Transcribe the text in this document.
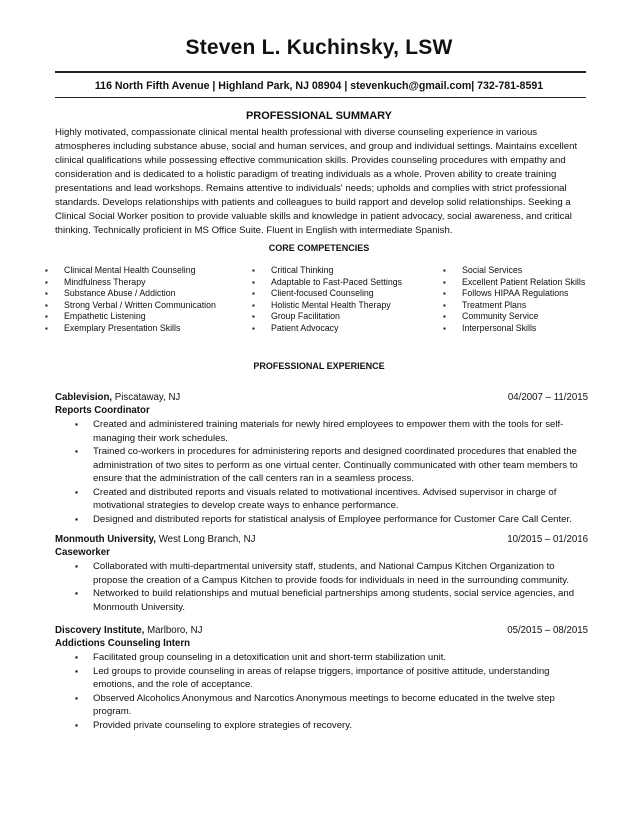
Steven L. Kuchinsky, LSW
116 North Fifth Avenue | Highland Park, NJ 08904 | stevenkuch@gmail.com| 732-781-8591
PROFESSIONAL SUMMARY

Highly motivated, compassionate clinical mental health professional with diverse counseling experience in various atmospheres including substance abuse, social and human services, and group and individual settings. Maintains excellent clinical qualifications while possessing effective communication skills. Provides counseling procedures with empathy and consideration and is dedicated to a holistic paradigm of treating individuals as a whole. Proven ability to create training presentations and lead workshops. Remains attentive to individuals' needs; upholds and complies with strict professional standards. Develops relationships with patients and colleagues to build rapport and develop solid relationships. Seeking a Clinical Social Worker position to provide valuable skills and knowledge in patient advocacy, social awareness, and critical thinking. Technically proficient in MS Office Suite. Fluent in English with intermediate Spanish.

CORE COMPETENCIES
▪ Clinical Mental Health Counseling
▪ Mindfulness Therapy
▪ Substance Abuse / Addiction
▪ Strong Verbal / Written Communication
▪ Empathetic Listening
▪ Exemplary Presentation Skills
▪ Critical Thinking
▪ Adaptable to Fast-Paced Settings
▪ Client-focused Counseling
▪ Holistic Mental Health Therapy
▪ Group Facilitation
▪ Patient Advocacy
▪ Social Services
▪ Excellent Patient Relation Skills
▪ Follows HIPAA Regulations
▪ Treatment Plans
▪ Community Service
▪ Interpersonal Skills
PROFESSIONAL EXPERIENCE
Cablevision, Piscataway, NJ	04/2007 – 11/2015
Reports Coordinator
▪ Created and administered training materials for newly hired employees to empower them with the tools for self-managing their work schedules.
▪ Trained co-workers in procedures for administering reports and designed coordinated procedures that enabled the administration of two sites to perform as one virtual center. Continually communicated with other team members to ensure that the administration of the call centers ran in a seamless process.
▪ Created and distributed reports and visuals related to motivational incentives. Advised supervisor in charge of motivational strategies to develop create ways to enhance performance.
▪ Designed and distributed reports for statistical analysis of Employee performance for Customer Care Call Center.
Monmouth University, West Long Branch, NJ	10/2015 – 01/2016
Caseworker
▪ Collaborated with multi-departmental university staff, students, and National Campus Kitchen Organization to propose the creation of a Campus Kitchen to provide foods for individuals in need in the surrounding community.
▪ Networked to build relationships and mutual beneficial partnerships among students, social service agencies, and Monmouth University.
Discovery Institute, Marlboro, NJ	05/2015 – 08/2015
Addictions Counseling Intern
▪ Facilitated group counseling in a detoxification unit and short-term stabilization unit.
▪ Led groups to provide counseling in areas of relapse triggers, importance of positive attitude, understanding emotions, and the role of acceptance.
▪ Observed Alcoholics Anonymous and Narcotics Anonymous meetings to become educated in the twelve step program.
▪ Provided private counseling to explore strategies of recovery.
